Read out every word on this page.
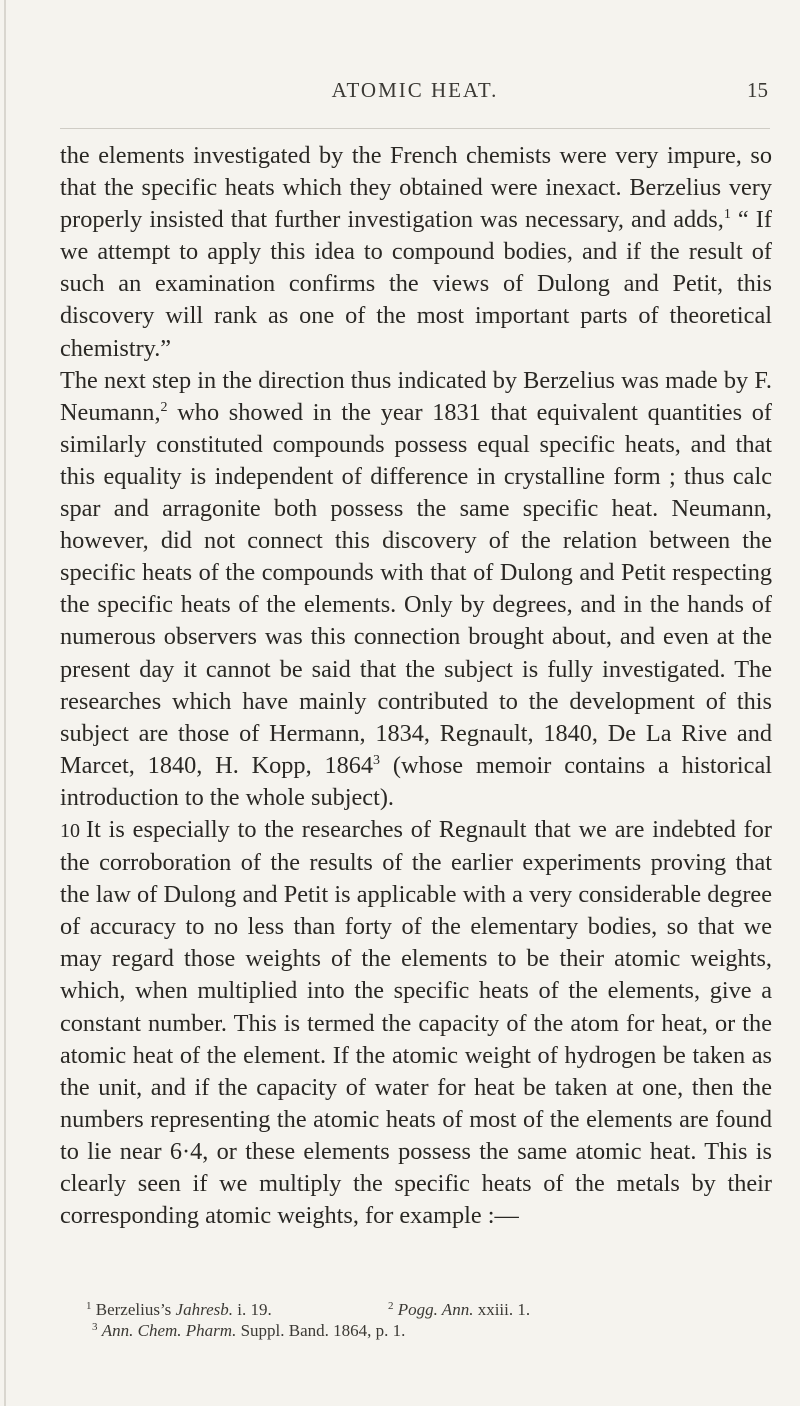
ATOMIC HEAT.	15

the elements investigated by the French chemists were very impure, so that the specific heats which they obtained were inexact. Berzelius very properly insisted that further investigation was necessary, and adds,$^1$ “ If we attempt to apply this idea to compound bodies, and if the result of such an examination confirms the views of Dulong and Petit, this discovery will rank as one of the most important parts of theoretical chemistry.”

The next step in the direction thus indicated by Berzelius was made by F. Neumann,$^2$ who showed in the year 1831 that equivalent quantities of similarly constituted compounds possess equal specific heats, and that this equality is independent of difference in crystalline form ; thus calc spar and arragonite both possess the same specific heat. Neumann, however, did not connect this discovery of the relation between the specific heats of the compounds with that of Dulong and Petit respecting the specific heats of the elements. Only by degrees, and in the hands of numerous observers was this connection brought about, and even at the present day it cannot be said that the subject is fully investigated. The researches which have mainly contributed to the development of this subject are those of Hermann, 1834, Regnault, 1840, De La Rive and Marcet, 1840, H. Kopp, 1864$^3$ (whose memoir contains a historical introduction to the whole subject).

10 It is especially to the researches of Regnault that we are indebted for the corroboration of the results of the earlier experiments proving that the law of Dulong and Petit is applicable with a very considerable degree of accuracy to no less than forty of the elementary bodies, so that we may regard those weights of the elements to be their atomic weights, which, when multiplied into the specific heats of the elements, give a constant number. This is termed the capacity of the atom for heat, or the atomic heat of the element. If the atomic weight of hydrogen be taken as the unit, and if the capacity of water for heat be taken at one, then the numbers representing the atomic heats of most of the elements are found to lie near 6·4, or these elements possess the same atomic heat. This is clearly seen if we multiply the specific heats of the metals by their corresponding atomic weights, for example :—

$^1$ Berzelius’s Jahresb. i. 19.	$^2$ Pogg. Ann. xxiii. 1.
$^3$ Ann. Chem. Pharm. Suppl. Band. 1864, p. 1.
